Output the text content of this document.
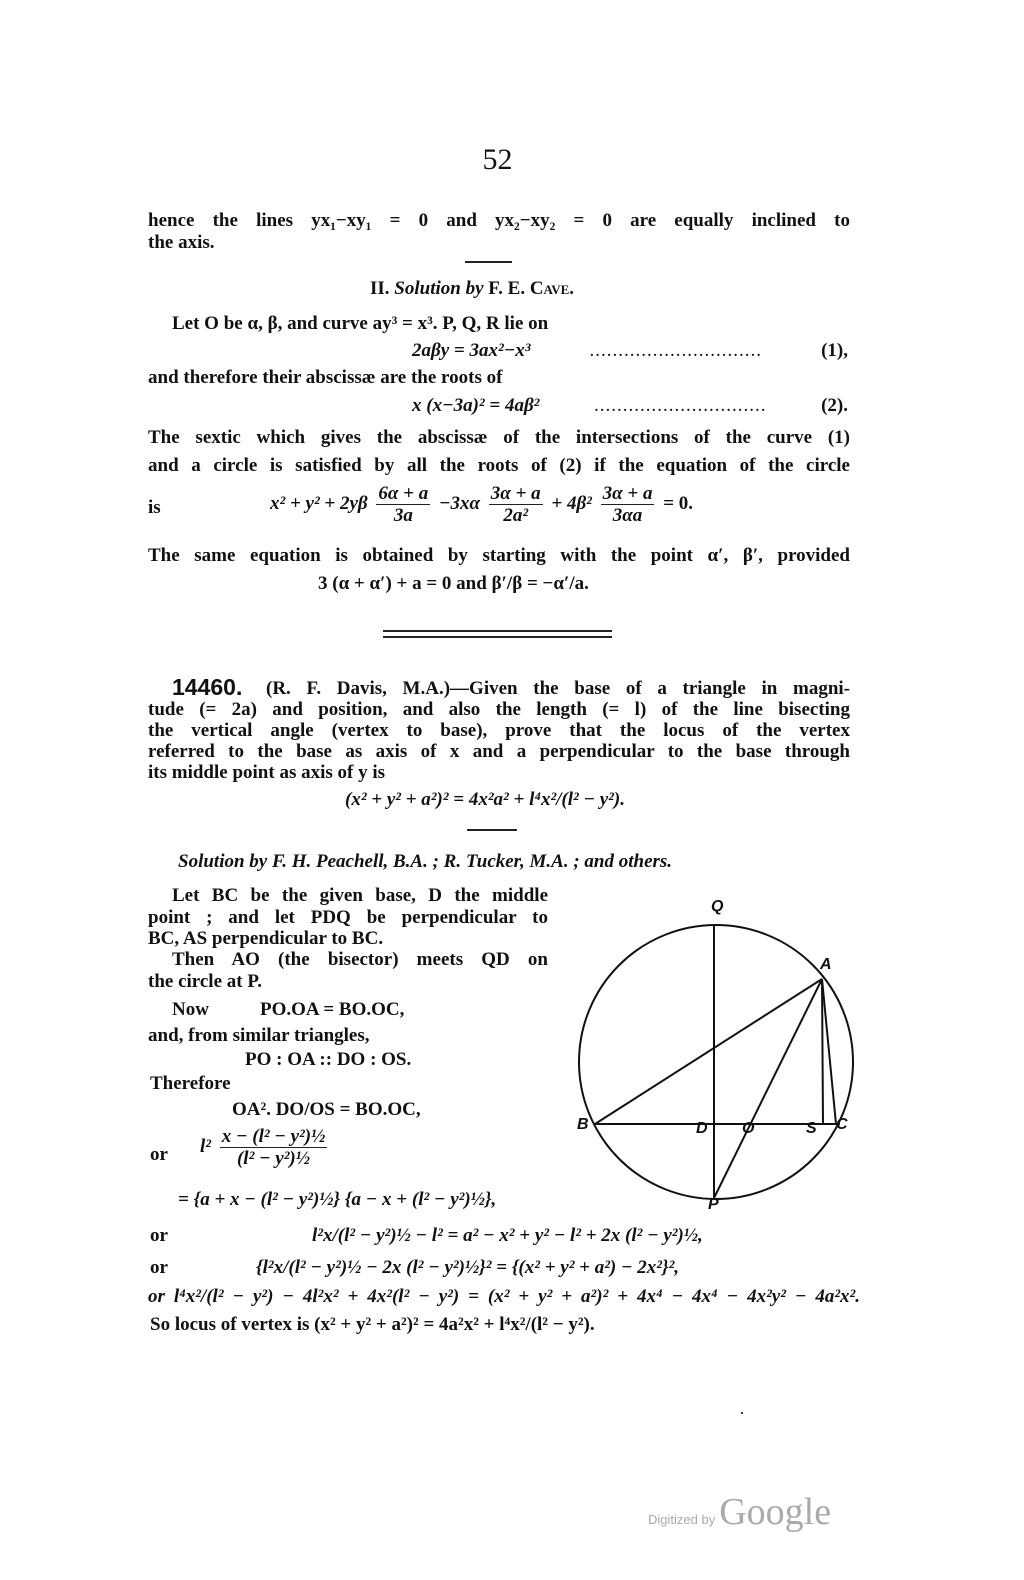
52
hence the lines yx₁−xy₁ = 0 and yx₂−xy₂ = 0 are equally inclined to
the axis.
II. Solution by F. E. Cave.
Let O be α, β, and curve ay³ = x³. P, Q, R lie on
2aβy = 3ax²−x³	..............................	(1),
and therefore their abscissæ are the roots of
x (x−3a)² = 4aβ²	..............................	(2).
The sextic which gives the abscissæ of the intersections of the curve (1)
and a circle is satisfied by all the roots of (2) if the equation of the circle
is	$x^2 + y^2 + 2y\beta \frac{6\alpha + a}{3a} -3x\alpha \frac{3\alpha + a}{\text{2a²}} + 4\beta^2 \frac{3\alpha + a}{3\alpha a} = 0$.
The same equation is obtained by starting with the point α′, β′, provided
3 (α + α′) + a = 0 and β′/β = −α′/a.
14460. (R. F. Davis, M.A.)—Given the base of a triangle in magni-
tude (= 2a) and position, and also the length (= l) of the line bisecting
the vertical angle (vertex to base), prove that the locus of the vertex
referred to the base as axis of x and a perpendicular to the base through
its middle point as axis of y is
(x² + y² + a²)² = 4x²a² + l⁴x²/(l² − y²).
Solution by F. H. Peachell, B.A. ; R. Tucker, M.A. ; and others.
Let BC be the given base, D the middle
point ; and let PDQ be perpendicular to
BC, AS perpendicular to BC.
Then AO (the bisector) meets QD on
the circle at P.
Now	PO.OA = BO.OC,
and, from similar triangles,
PO : OA :: DO : OS.
Therefore
OA². DO/OS = BO.OC,
or $l^2 \frac{\text{x − (l² − y²)½}}{\text{(l² − y²)½}}$
= {a + x − (l² − y²)½} {a − x + (l² − y²)½},
or	l²x/(l² − y²)½ − l² = a² − x² + y² − l² + 2x (l² − y²)½,
or	{l²x/(l² − y²)½ − 2x (l² − y²)½}² = {(x² + y² + a²) − 2x²}²,
or l⁴x²/(l² − y²) − 4l²x² + 4x²(l² − y²) = (x² + y² + a²)² + 4x⁴ − 4x⁴ − 4x²y² − 4a²x².
So locus of vertex is (x² + y² + a²)² = 4a²x² + l⁴x²/(l² − y²).
Q
A
B	D O	S C
P
Digitized by Google
